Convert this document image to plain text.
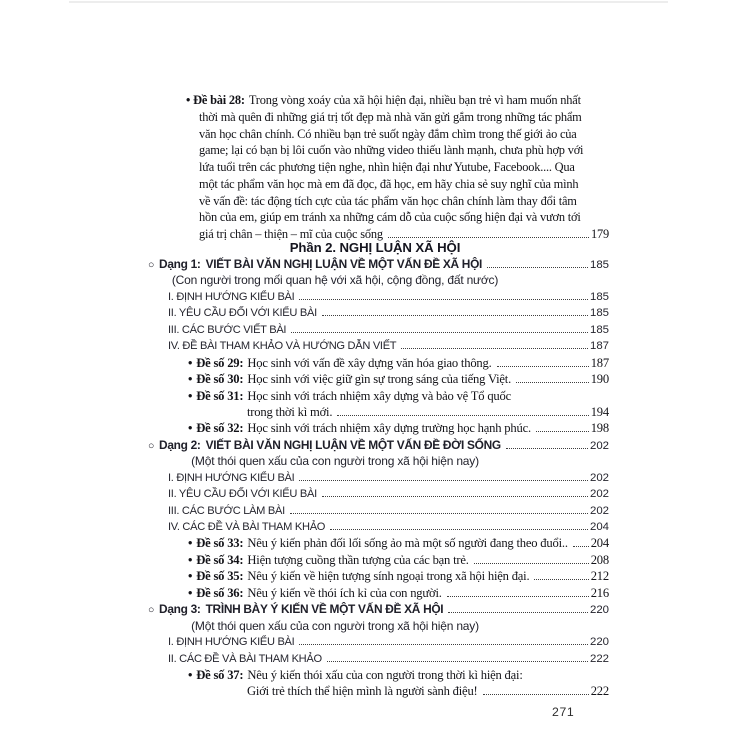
• Đề bài 28: Trong vòng xoáy của xã hội hiện đại, nhiều bạn trẻ vì ham muốn nhất
thời mà quên đi những giá trị tốt đẹp mà nhà văn gửi gắm trong những tác phẩm
văn học chân chính. Có nhiều bạn trẻ suốt ngày đắm chìm trong thế giới ảo của
game; lại có bạn bị lôi cuốn vào những video thiếu lành mạnh, chưa phù hợp với
lứa tuổi trên các phương tiện nghe, nhìn hiện đại như Yutube, Facebook.... Qua
một tác phẩm văn học mà em đã đọc, đã học, em hãy chia sẻ suy nghĩ của mình
về vấn đề: tác động tích cực của tác phẩm văn học chân chính làm thay đổi tâm
hồn của em, giúp em tránh xa những cám dỗ của cuộc sống hiện đại và vươn tới
giá trị chân – thiện – mĩ của cuộc sống	179
Phần 2. NGHỊ LUẬN XÃ HỘI
○ Dạng 1: VIẾT BÀI VĂN NGHỊ LUẬN VỀ MỘT VẤN ĐỀ XÃ HỘI	185
(Con người trong mối quan hệ với xã hội, cộng đồng, đất nước)
I. ĐỊNH HƯỚNG KIỂU BÀI	185
II. YÊU CẦU ĐỐI VỚI KIỂU BÀI	185
III. CÁC BƯỚC VIẾT BÀI	185
IV. ĐỀ BÀI THAM KHẢO VÀ HƯỚNG DẪN VIẾT	187
• Đề số 29: Học sinh với vấn đề xây dựng văn hóa giao thông.	187
• Đề số 30: Học sinh với việc giữ gìn sự trong sáng của tiếng Việt.	190
• Đề số 31: Học sinh với trách nhiệm xây dựng và bảo vệ Tổ quốc
trong thời kì mới.	194
• Đề số 32: Học sinh với trách nhiệm xây dựng trường học hạnh phúc.	198
○ Dạng 2: VIẾT BÀI VĂN NGHỊ LUẬN VỀ MỘT VẤN ĐỀ ĐỜI SỐNG	202
(Một thói quen xấu của con người trong xã hội hiện nay)
I. ĐỊNH HƯỚNG KIỂU BÀI	202
II. YÊU CẦU ĐỐI VỚI KIỂU BÀI	202
III. CÁC BƯỚC LÀM BÀI	202
IV. CÁC ĐỀ VÀ BÀI THAM KHẢO	204
• Đề số 33: Nêu ý kiến phản đối lối sống ảo mà một số người đang theo đuổi.. 204
• Đề số 34: Hiện tượng cuồng thần tượng của các bạn trẻ.	208
• Đề số 35: Nêu ý kiến về hiện tượng sính ngoại trong xã hội hiện đại.	212
• Đề số 36: Nêu ý kiến về thói ích kỉ của con người.	216
○ Dạng 3: TRÌNH BÀY Ý KIẾN VỀ MỘT VẤN ĐỀ XÃ HỘI	220
(Một thói quen xấu của con người trong xã hội hiện nay)
I. ĐỊNH HƯỚNG KIỂU BÀI	220
II. CÁC ĐỀ VÀ BÀI THAM KHẢO	222
• Đề số 37: Nêu ý kiến thói xấu của con người trong thời kì hiện đại:
Giới trẻ thích thể hiện mình là người sành điệu!	222
271
